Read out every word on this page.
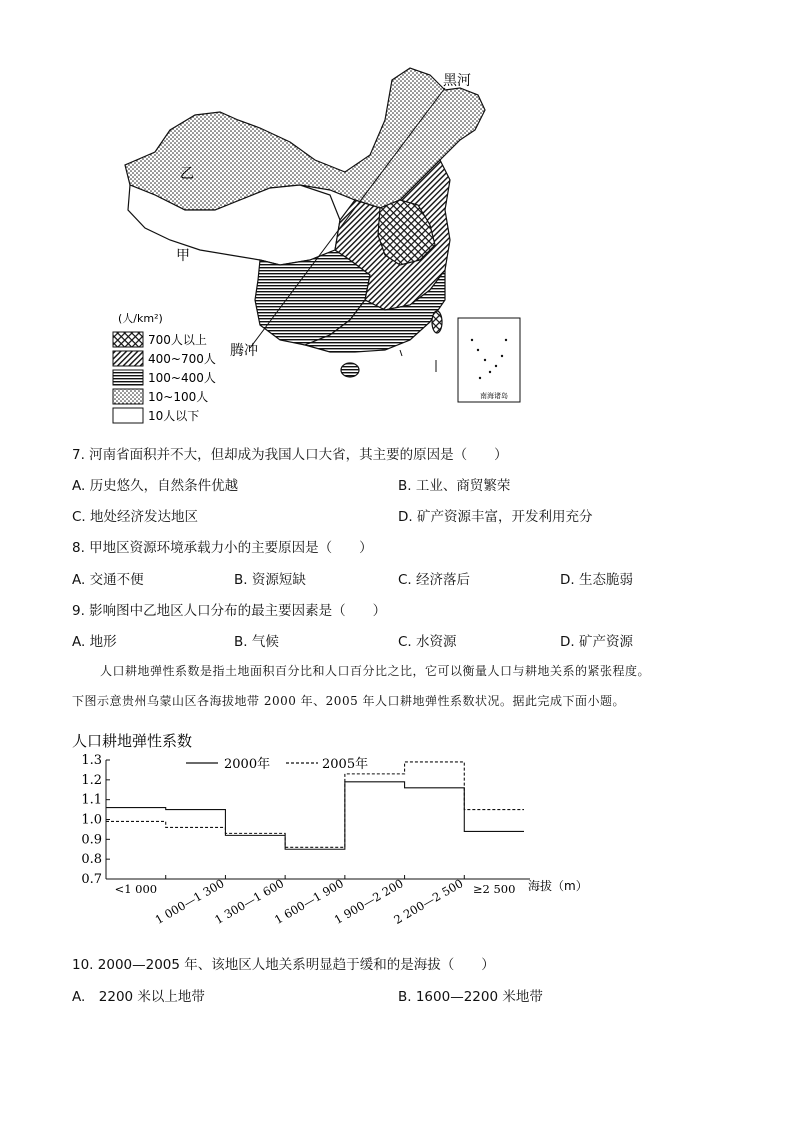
黑河
腾冲
乙
甲
南海诸岛
(人/km²)
700人以上
400~700人
100~400人
10~100人
10人以下
7. 河南省面积并不大，但却成为我国人口大省，其主要的原因是（　　）
A. 历史悠久，自然条件优越	B. 工业、商贸繁荣
C. 地处经济发达地区	D. 矿产资源丰富，开发利用充分
8. 甲地区资源环境承载力小的主要原因是（　　）
A. 交通不便	B. 资源短缺	C. 经济落后	D. 生态脆弱
9. 影响图中乙地区人口分布的最主要因素是（　　）
A. 地形	B. 气候	C. 水资源	D. 矿产资源
人口耕地弹性系数是指土地面积百分比和人口百分比之比，它可以衡量人口与耕地关系的紧张程度。
下图示意贵州乌蒙山区各海拔地带 2000 年、2005 年人口耕地弹性系数状况。据此完成下面小题。
人口耕地弹性系数
0.7
0.8
0.9
1.0
1.1
1.2
1.3
<1 000
1 000—1 300
1 300—1 600
1 600—1 900
1 900—2 200
2 200—2 500 ≥2 500
2000年	2005年
海拔（m）
10. 2000—2005 年、该地区人地关系明显趋于缓和的是海拔（　　）
A.　2200 米以上地带	B. 1600—2200 米地带
